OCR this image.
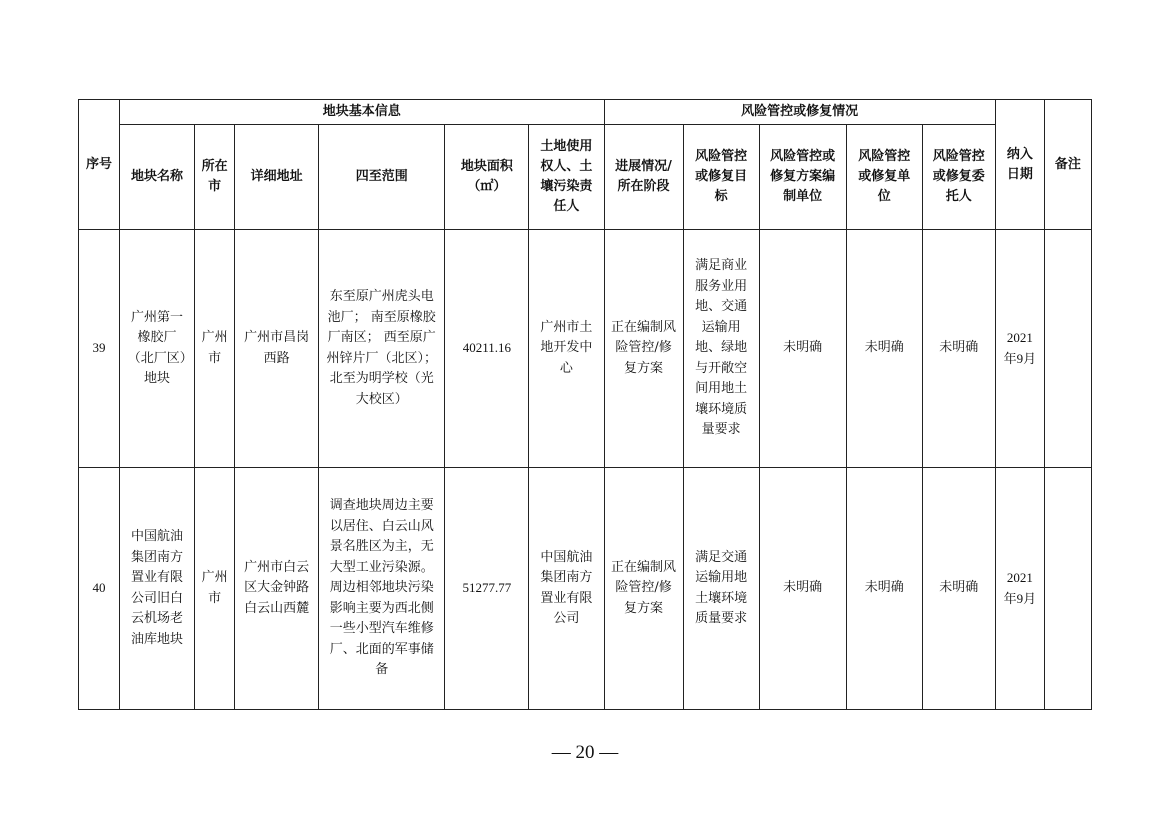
序号	地块基本信息						风险管控或修复情况					纳入日期	备注
	地块名称	所在市	详细地址	四至范围	地块面积（㎡）	土地使用权人、土壤污染责任人	进展情况/所在阶段	风险管控或修复目标	风险管控或修复方案编制单位	风险管控或修复单位	风险管控或修复委托人		
39	广州第一橡胶厂（北厂区）地块	广州市	广州市昌岗西路	东至原广州虎头电池厂； 南至原橡胶厂南区； 西至原广州锌片厂（北区）； 北至为明学校（光大校区）	40211.16	广州市土地开发中心	正在编制风险管控/修复方案	满足商业服务业用地、交通运输用地、绿地与开敞空间用地土壤环境质量要求	未明确	未明确	未明确	2021年9月	
40	中国航油集团南方置业有限公司旧白云机场老油库地块	广州市	广州市白云区大金钟路白云山西麓	调查地块周边主要以居住、白云山风景名胜区为主，无大型工业污染源。周边相邻地块污染影响主要为西北侧一些小型汽车维修厂、北面的军事储备	51277.77	中国航油集团南方置业有限公司	正在编制风险管控/修复方案	满足交通运输用地土壤环境质量要求	未明确	未明确	未明确	2021年9月	
— 20 —
